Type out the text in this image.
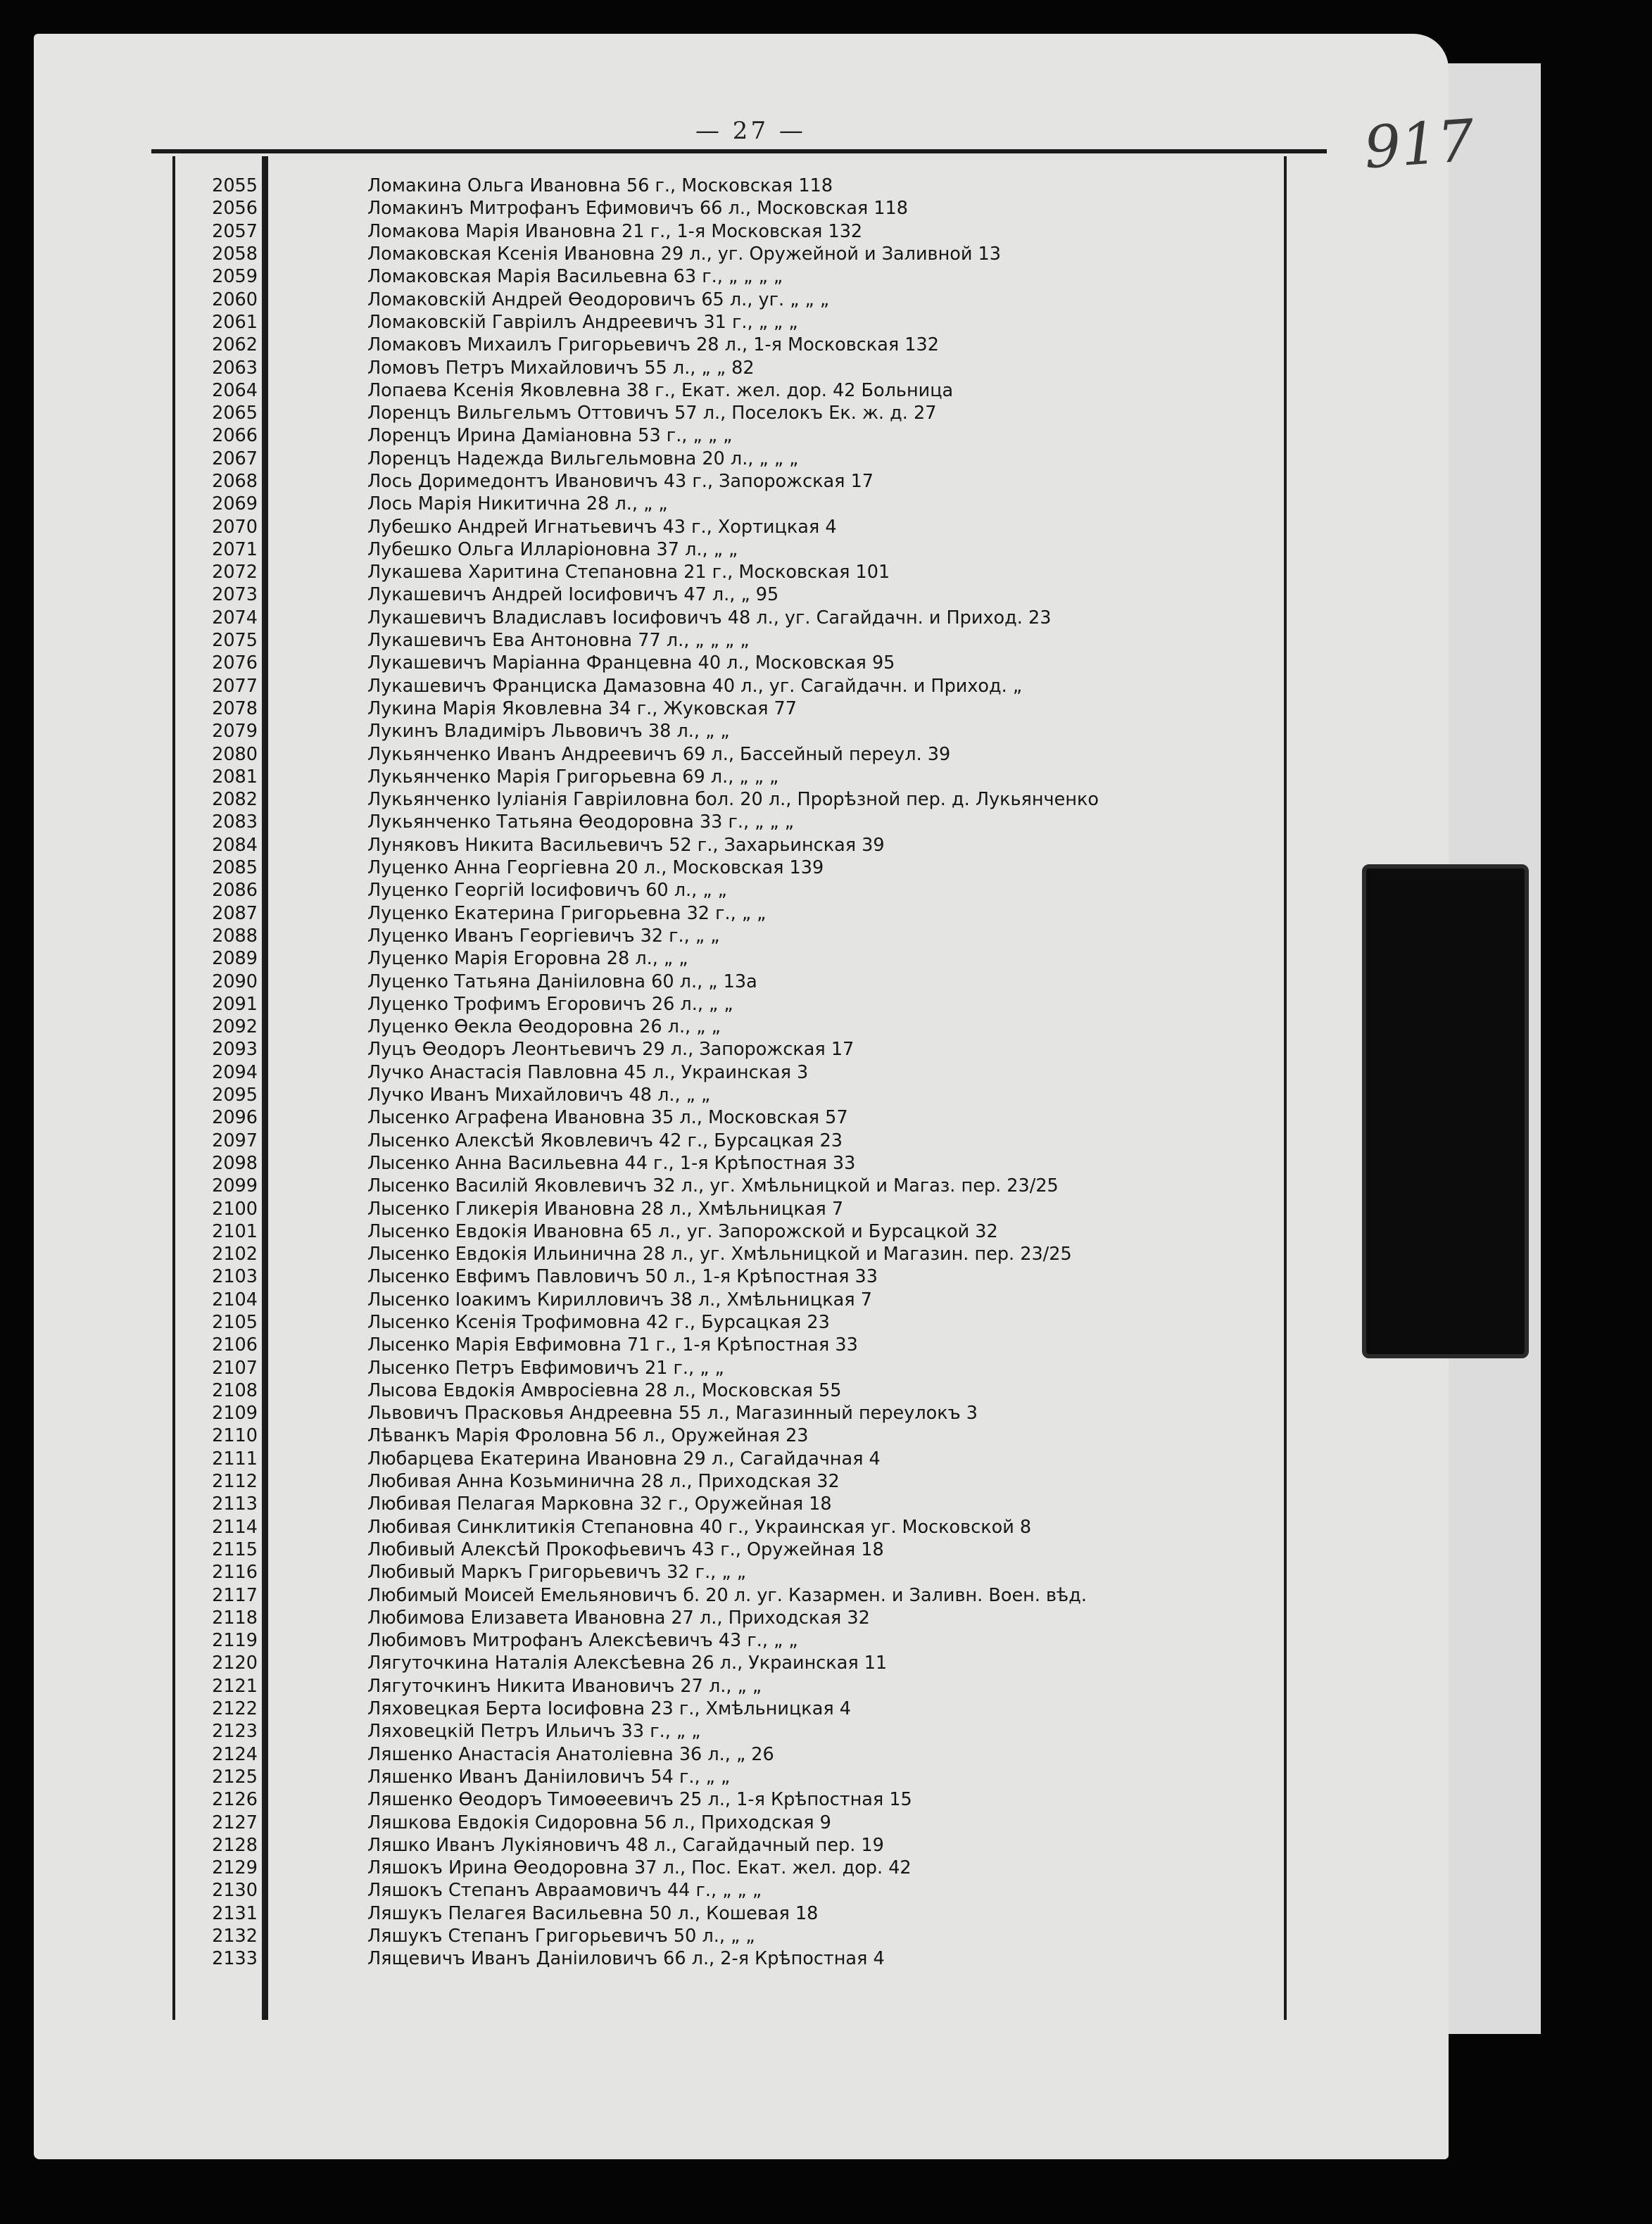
— 27 —	917
2055	Ломакина Ольга Ивановна 56 г., Московская 118
2056	Ломакинъ Митрофанъ Ефимовичъ 66 л., Московская 118
2057	Ломакова Марія Ивановна 21 г., 1-я Московская 132
2058	Ломаковская Ксенія Ивановна 29 л., уг. Оружейной и Заливной 13
2059	Ломаковская Марія Васильевна 63 г., „ „ „ „
2060	Ломаковскій Андрей Өеодоровичъ 65 л., уг. „ „ „
2061	Ломаковскій Гавріилъ Андреевичъ 31 г., „ „ „
2062	Ломаковъ Михаилъ Григорьевичъ 28 л., 1-я Московская 132
2063	Ломовъ Петръ Михайловичъ 55 л., „ „ 82
2064	Лопаева Ксенія Яковлевна 38 г., Екат. жел. дор. 42 Больница
2065	Лоренцъ Вильгельмъ Оттовичъ 57 л., Поселокъ Ек. ж. д. 27
2066	Лоренцъ Ирина Даміановна 53 г., „ „ „
2067	Лоренцъ Надежда Вильгельмовна 20 л., „ „ „
2068	Лось Доримедонтъ Ивановичъ 43 г., Запорожская 17
2069	Лось Марія Никитична 28 л., „ „
2070	Лубешко Андрей Игнатьевичъ 43 г., Хортицкая 4
2071	Лубешко Ольга Илларіоновна 37 л., „ „
2072	Лукашева Харитина Степановна 21 г., Московская 101
2073	Лукашевичъ Андрей Іосифовичъ 47 л., „ 95
2074	Лукашевичъ Владиславъ Іосифовичъ 48 л., уг. Сагайдачн. и Приход. 23
2075	Лукашевичъ Ева Антоновна 77 л., „ „ „ „
2076	Лукашевичъ Маріанна Францевна 40 л., Московская 95
2077	Лукашевичъ Франциска Дамазовна 40 л., уг. Сагайдачн. и Приход. „
2078	Лукина Марія Яковлевна 34 г., Жуковская 77
2079	Лукинъ Владиміръ Львовичъ 38 л., „ „
2080	Лукьянченко Иванъ Андреевичъ 69 л., Бассейный переул. 39
2081	Лукьянченко Марія Григорьевна 69 л., „ „ „
2082	Лукьянченко Іуліанія Гавріиловна бол. 20 л., Прорѣзной пер. д. Лукьянченко
2083	Лукьянченко Татьяна Өеодоровна 33 г., „ „ „
2084	Луняковъ Никита Васильевичъ 52 г., Захарьинская 39
2085	Луценко Анна Георгіевна 20 л., Московская 139
2086	Луценко Георгій Іосифовичъ 60 л., „ „
2087	Луценко Екатерина Григорьевна 32 г., „ „
2088	Луценко Иванъ Георгіевичъ 32 г., „ „
2089	Луценко Марія Егоровна 28 л., „ „
2090	Луценко Татьяна Даніиловна 60 л., „ 13а
2091	Луценко Трофимъ Егоровичъ 26 л., „ „
2092	Луценко Өекла Өеодоровна 26 л., „ „
2093	Луцъ Өеодоръ Леонтьевичъ 29 л., Запорожская 17
2094	Лучко Анастасія Павловна 45 л., Украинская 3
2095	Лучко Иванъ Михайловичъ 48 л., „ „
2096	Лысенко Аграфена Ивановна 35 л., Московская 57
2097	Лысенко Алексѣй Яковлевичъ 42 г., Бурсацкая 23
2098	Лысенко Анна Васильевна 44 г., 1-я Крѣпостная 33
2099	Лысенко Василій Яковлевичъ 32 л., уг. Хмѣльницкой и Магаз. пер. 23/25
2100	Лысенко Гликерія Ивановна 28 л., Хмѣльницкая 7
2101	Лысенко Евдокія Ивановна 65 л., уг. Запорожской и Бурсацкой 32
2102	Лысенко Евдокія Ильинична 28 л., уг. Хмѣльницкой и Магазин. пер. 23/25
2103	Лысенко Евфимъ Павловичъ 50 л., 1-я Крѣпостная 33
2104	Лысенко Іоакимъ Кирилловичъ 38 л., Хмѣльницкая 7
2105	Лысенко Ксенія Трофимовна 42 г., Бурсацкая 23
2106	Лысенко Марія Евфимовна 71 г., 1-я Крѣпостная 33
2107	Лысенко Петръ Евфимовичъ 21 г., „ „
2108	Лысова Евдокія Амвросіевна 28 л., Московская 55
2109	Львовичъ Прасковья Андреевна 55 л., Магазинный переулокъ 3
2110	Лѣванкъ Марія Фроловна 56 л., Оружейная 23
2111	Любарцева Екатерина Ивановна 29 л., Сагайдачная 4
2112	Любивая Анна Козьминична 28 л., Приходская 32
2113	Любивая Пелагая Марковна 32 г., Оружейная 18
2114	Любивая Синклитикія Степановна 40 г., Украинская уг. Московской 8
2115	Любивый Алексѣй Прокофьевичъ 43 г., Оружейная 18
2116	Любивый Маркъ Григорьевичъ 32 г., „ „
2117	Любимый Моисей Емельяновичъ б. 20 л. уг. Казармен. и Заливн. Воен. вѣд.
2118	Любимова Елизавета Ивановна 27 л., Приходская 32
2119	Любимовъ Митрофанъ Алексѣевичъ 43 г., „ „
2120	Лягуточкина Наталія Алексѣевна 26 л., Украинская 11
2121	Лягуточкинъ Никита Ивановичъ 27 л., „ „
2122	Ляховецкая Берта Іосифовна 23 г., Хмѣльницкая 4
2123	Ляховецкій Петръ Ильичъ 33 г., „ „
2124	Ляшенко Анастасія Анатоліевна 36 л., „ 26
2125	Ляшенко Иванъ Даніиловичъ 54 г., „ „
2126	Ляшенко Өеодоръ Тимоѳеевичъ 25 л., 1-я Крѣпостная 15
2127	Ляшкова Евдокія Сидоровна 56 л., Приходская 9
2128	Ляшко Иванъ Лукіяновичъ 48 л., Сагайдачный пер. 19
2129	Ляшокъ Ирина Өеодоровна 37 л., Пос. Екат. жел. дор. 42
2130	Ляшокъ Степанъ Авраамовичъ 44 г., „ „ „
2131	Ляшукъ Пелагея Васильевна 50 л., Кошевая 18
2132	Ляшукъ Степанъ Григорьевичъ 50 л., „ „
2133	Лящевичъ Иванъ Даніиловичъ 66 л., 2-я Крѣпостная 4
